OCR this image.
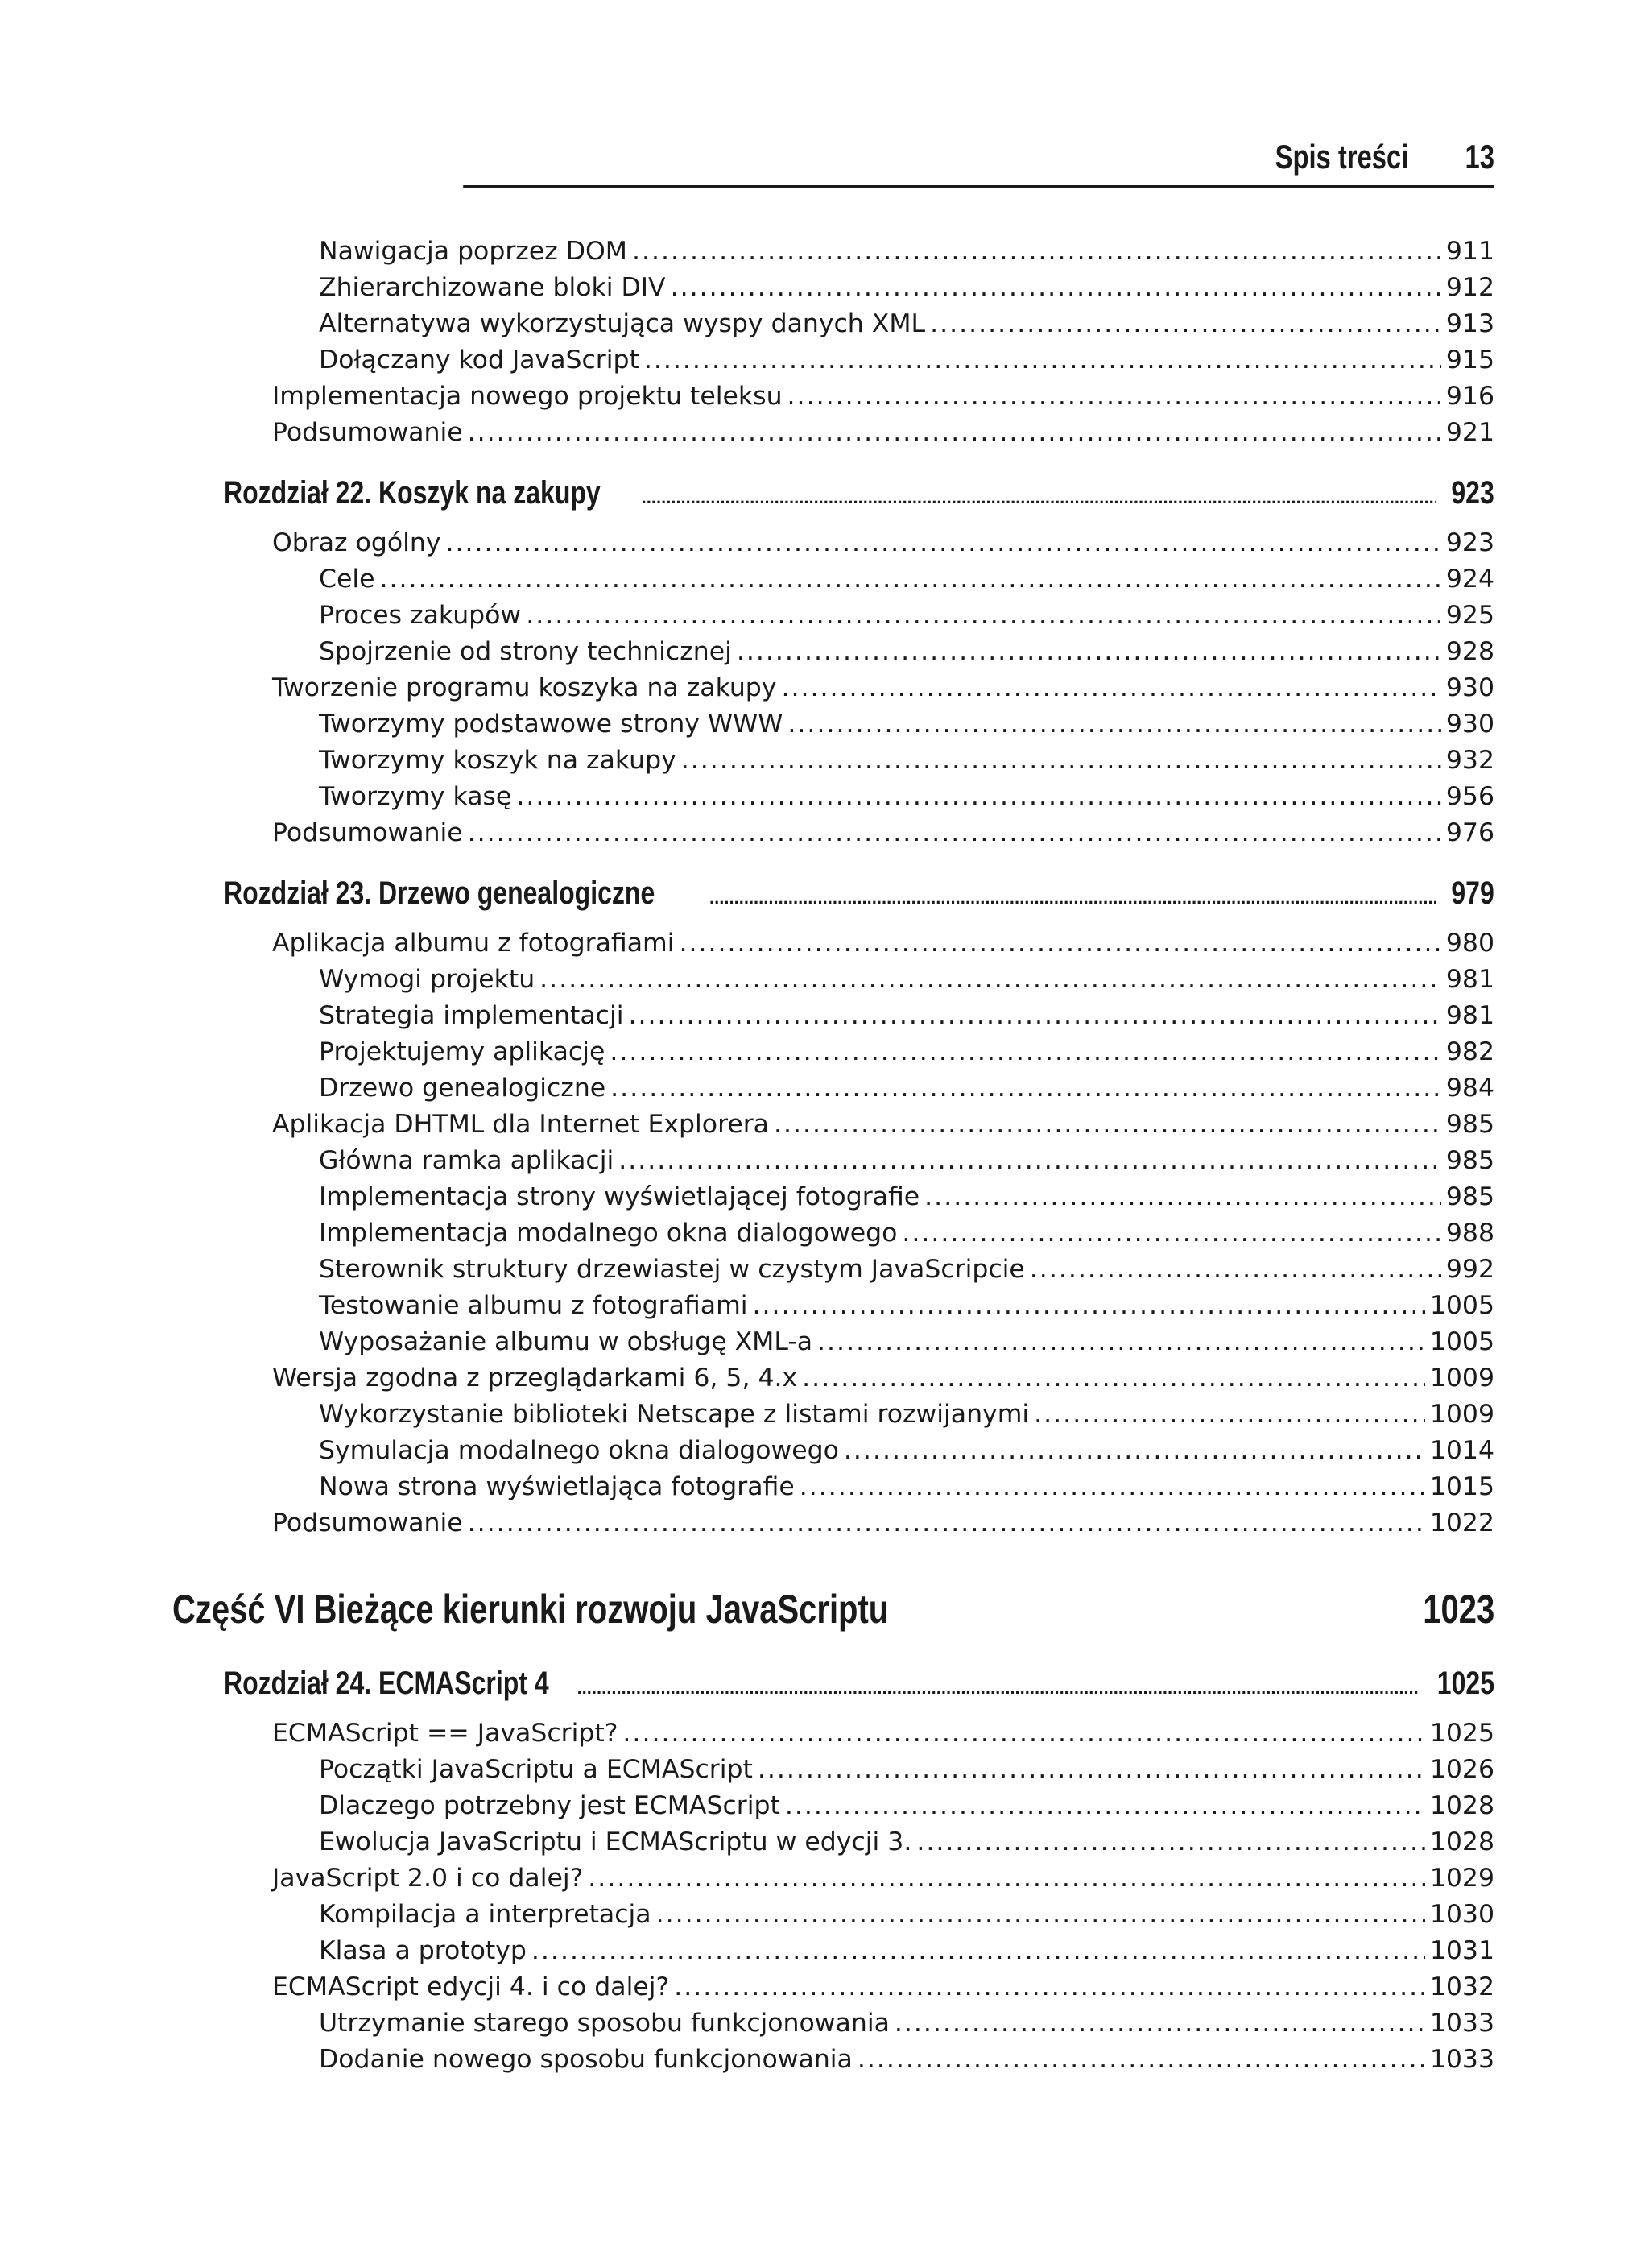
Spis treści 13
Nawigacja poprzez DOM .....	911
Zhierarchizowane bloki DIV .....	912
Alternatywa wykorzystująca wyspy danych XML .....	913
Dołączany kod JavaScript .....	915
Implementacja nowego projektu teleksu .....	916
Podsumowanie .....	921
Rozdział 22. Koszyk na zakupy .....	923
Obraz ogólny .....	923
Cele .....	924
Proces zakupów .....	925
Spojrzenie od strony technicznej .....	928
Tworzenie programu koszyka na zakupy .....	930
Tworzymy podstawowe strony WWW .....	930
Tworzymy koszyk na zakupy .....	932
Tworzymy kasę .....	956
Podsumowanie .....	976
Rozdział 23. Drzewo genealogiczne .....	979
Aplikacja albumu z fotografiami .....	980
Wymogi projektu .....	981
Strategia implementacji .....	981
Projektujemy aplikację .....	982
Drzewo genealogiczne .....	984
Aplikacja DHTML dla Internet Explorera .....	985
Główna ramka aplikacji .....	985
Implementacja strony wyświetlającej fotografie .....	985
Implementacja modalnego okna dialogowego .....	988
Sterownik struktury drzewiastej w czystym JavaScripcie .....	992
Testowanie albumu z fotografiami .....	1005
Wyposażanie albumu w obsługę XML-a .....	1005
Wersja zgodna z przeglądarkami 6, 5, 4.x .....	1009
Wykorzystanie biblioteki Netscape z listami rozwijanymi .....	1009
Symulacja modalnego okna dialogowego .....	1014
Nowa strona wyświetlająca fotografie .....	1015
Podsumowanie .....	1022
Część VI Bieżące kierunki rozwoju JavaScriptu	1023
Rozdział 24. ECMAScript 4 .....	1025
ECMAScript == JavaScript? .....	1025
Początki JavaScriptu a ECMAScript .....	1026
Dlaczego potrzebny jest ECMAScript .....	1028
Ewolucja JavaScriptu i ECMAScriptu w edycji 3. .....	1028
JavaScript 2.0 i co dalej? .....	1029
Kompilacja a interpretacja .....	1030
Klasa a prototyp .....	1031
ECMAScript edycji 4. i co dalej? .....	1032
Utrzymanie starego sposobu funkcjonowania .....	1033
Dodanie nowego sposobu funkcjonowania .....	1033
